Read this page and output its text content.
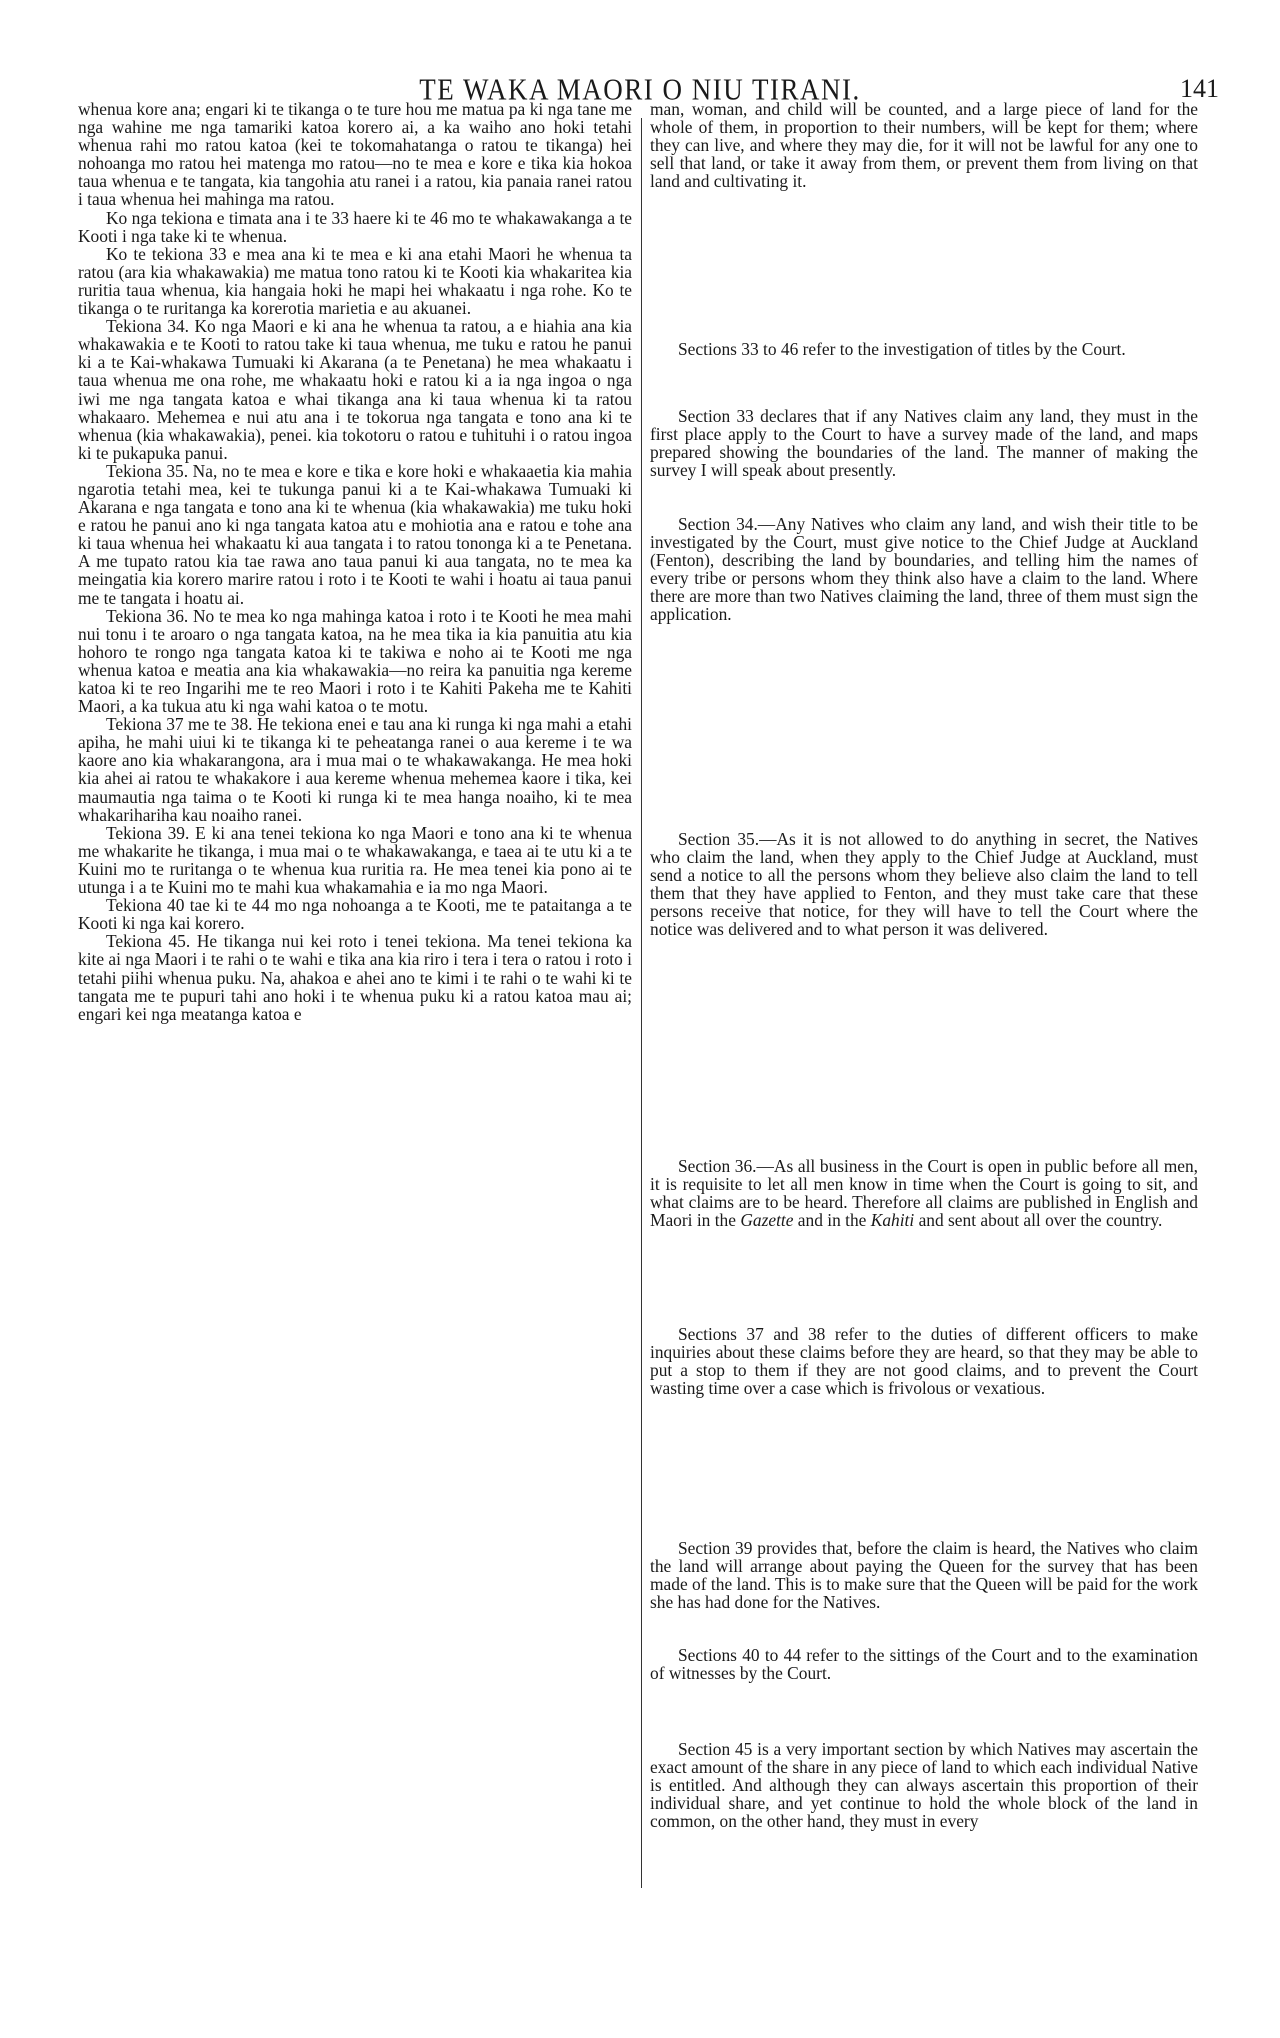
TE WAKA MAORI O NIU TIRANI.	141

whenua kore ana; engari ki te tikanga o te ture hou me matua pa ki nga tane me nga wahine me nga tamariki katoa korero ai, a ka waiho ano hoki tetahi whenua rahi mo ratou katoa (kei te tokomahatanga o ratou te tikanga) hei nohoanga mo ratou hei matenga mo ratou—no te mea e kore e tika kia hokoa taua whenua e te tangata, kia tangohia atu ranei i a ratou, kia panaia ranei ratou i taua whenua hei mahinga ma ratou.

Ko nga tekiona e timata ana i te 33 haere ki te 46 mo te whakawakanga a te Kooti i nga take ki te whenua.

Ko te tekiona 33 e mea ana ki te mea e ki ana etahi Maori he whenua ta ratou (ara kia whakawakia) me matua tono ratou ki te Kooti kia whakaritea kia ruritia taua whenua, kia hangaia hoki he mapi hei whakaatu i nga rohe. Ko te tikanga o te ruritanga ka korerotia marietia e au akuanei.

Tekiona 34. Ko nga Maori e ki ana he whenua ta ratou, a e hiahia ana kia whakawakia e te Kooti to ratou take ki taua whenua, me tuku e ratou he panui ki a te Kai-whakawa Tumuaki ki Akarana (a te Penetana) he mea whakaatu i taua whenua me ona rohe, me whakaatu hoki e ratou ki a ia nga ingoa o nga iwi me nga tangata katoa e whai tikanga ana ki taua whenua ki ta ratou whakaaro. Mehemea e nui atu ana i te tokorua nga tangata e tono ana ki te whenua (kia whakawakia), penei. kia tokotoru o ratou e tuhituhi i o ratou ingoa ki te pukapuka panui.

Tekiona 35. Na, no te mea e kore e tika e kore hoki e whakaaetia kia mahia ngarotia tetahi mea, kei te tukunga panui ki a te Kai-whakawa Tumuaki ki Akarana e nga tangata e tono ana ki te whenua (kia whakawakia) me tuku hoki e ratou he panui ano ki nga tangata katoa atu e mohiotia ana e ratou e tohe ana ki taua whenua hei whakaatu ki aua tangata i to ratou tononga ki a te Penetana. A me tupato ratou kia tae rawa ano taua panui ki aua tangata, no te mea ka meingatia kia korero marire ratou i roto i te Kooti te wahi i hoatu ai taua panui me te tangata i hoatu ai.

Tekiona 36. No te mea ko nga mahinga katoa i roto i te Kooti he mea mahi nui tonu i te aroaro o nga tangata katoa, na he mea tika ia kia panuitia atu kia hohoro te rongo nga tangata katoa ki te takiwa e noho ai te Kooti me nga whenua katoa e meatia ana kia whakawakia—no reira ka panuitia nga kereme katoa ki te reo Ingarihi me te reo Maori i roto i te Kahiti Pakeha me te Kahiti Maori, a ka tukua atu ki nga wahi katoa o te motu.

Tekiona 37 me te 38. He tekiona enei e tau ana ki runga ki nga mahi a etahi apiha, he mahi uiui ki te tikanga ki te peheatanga ranei o aua kereme i te wa kaore ano kia whakarangona, ara i mua mai o te whakawakanga. He mea hoki kia ahei ai ratou te whakakore i aua kereme whenua mehemea kaore i tika, kei maumautia nga taima o te Kooti ki runga ki te mea hanga noaiho, ki te mea whakarihariha kau noaiho ranei.

Tekiona 39. E ki ana tenei tekiona ko nga Maori e tono ana ki te whenua me whakarite he tikanga, i mua mai o te whakawakanga, e taea ai te utu ki a te Kuini mo te ruritanga o te whenua kua ruritia ra. He mea tenei kia pono ai te utunga i a te Kuini mo te mahi kua whakamahia e ia mo nga Maori.

Tekiona 40 tae ki te 44 mo nga nohoanga a te Kooti, me te pataitanga a te Kooti ki nga kai korero.

Tekiona 45. He tikanga nui kei roto i tenei tekiona. Ma tenei tekiona ka kite ai nga Maori i te rahi o te wahi e tika ana kia riro i tera i tera o ratou i roto i tetahi piihi whenua puku. Na, ahakoa e ahei ano te kimi i te rahi o te wahi ki te tangata me te pupuri tahi ano hoki i te whenua puku ki a ratou katoa mau ai; engari kei nga meatanga katoa e

man, woman, and child will be counted, and a large piece of land for the whole of them, in proportion to their numbers, will be kept for them; where they can live, and where they may die, for it will not be lawful for any one to sell that land, or take it away from them, or prevent them from living on that land and cultivating it.

Sections 33 to 46 refer to the investigation of titles by the Court.

Section 33 declares that if any Natives claim any land, they must in the first place apply to the Court to have a survey made of the land, and maps prepared showing the boundaries of the land. The manner of making the survey I will speak about presently.

Section 34.—Any Natives who claim any land, and wish their title to be investigated by the Court, must give notice to the Chief Judge at Auckland (Fenton), describing the land by boundaries, and telling him the names of every tribe or persons whom they think also have a claim to the land. Where there are more than two Natives claiming the land, three of them must sign the application.

Section 35.—As it is not allowed to do anything in secret, the Natives who claim the land, when they apply to the Chief Judge at Auckland, must send a notice to all the persons whom they believe also claim the land to tell them that they have applied to Fenton, and they must take care that these persons receive that notice, for they will have to tell the Court where the notice was delivered and to what person it was delivered.

Section 36.—As all business in the Court is open in public before all men, it is requisite to let all men know in time when the Court is going to sit, and what claims are to be heard. Therefore all claims are published in English and Maori in the Gazette and in the Kahiti and sent about all over the country.

Sections 37 and 38 refer to the duties of different officers to make inquiries about these claims before they are heard, so that they may be able to put a stop to them if they are not good claims, and to prevent the Court wasting time over a case which is frivolous or vexatious.

Section 39 provides that, before the claim is heard, the Natives who claim the land will arrange about paying the Queen for the survey that has been made of the land. This is to make sure that the Queen will be paid for the work she has had done for the Natives.

Sections 40 to 44 refer to the sittings of the Court and to the examination of witnesses by the Court.

Section 45 is a very important section by which Natives may ascertain the exact amount of the share in any piece of land to which each individual Native is entitled. And although they can always ascertain this proportion of their individual share, and yet continue to hold the whole block of the land in common, on the other hand, they must in every
